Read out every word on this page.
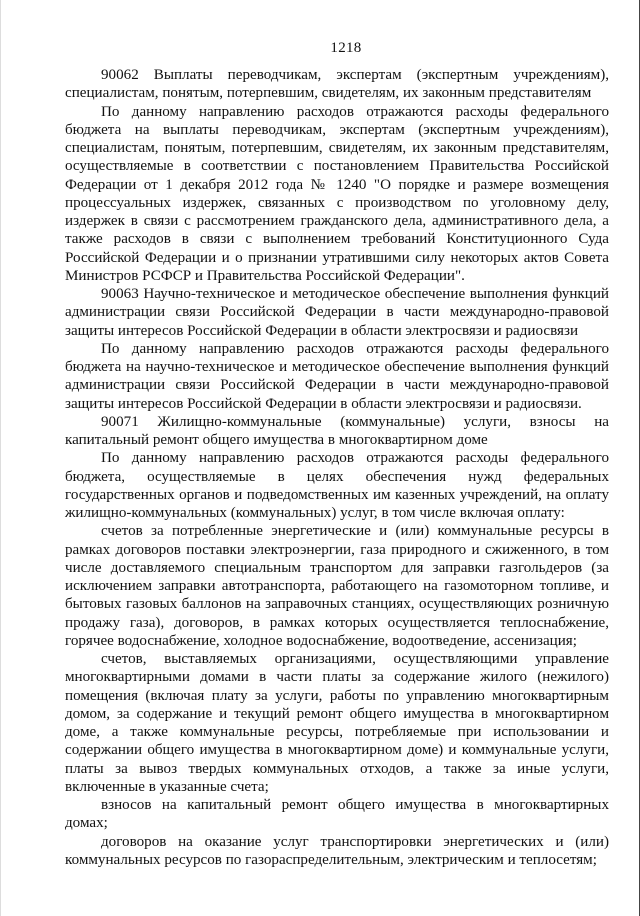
1218

90062 Выплаты переводчикам, экспертам (экспертным учреждениям), специалистам, понятым, потерпевшим, свидетелям, их законным представителям

По данному направлению расходов отражаются расходы федерального бюджета на выплаты переводчикам, экспертам (экспертным учреждениям), специалистам, понятым, потерпевшим, свидетелям, их законным представителям, осуществляемые в соответствии с постановлением Правительства Российской Федерации от 1 декабря 2012 года № 1240 "О порядке и размере возмещения процессуальных издержек, связанных с производством по уголовному делу, издержек в связи с рассмотрением гражданского дела, административного дела, а также расходов в связи с выполнением требований Конституционного Суда Российской Федерации и о признании утратившими силу некоторых актов Совета Министров РСФСР и Правительства Российской Федерации".

90063 Научно-техническое и методическое обеспечение выполнения функций администрации связи Российской Федерации в части международно-правовой защиты интересов Российской Федерации в области электросвязи и радиосвязи

По данному направлению расходов отражаются расходы федерального бюджета на научно-техническое и методическое обеспечение выполнения функций администрации связи Российской Федерации в части международно-правовой защиты интересов Российской Федерации в области электросвязи и радиосвязи.

90071 Жилищно-коммунальные (коммунальные) услуги, взносы на капитальный ремонт общего имущества в многоквартирном доме

По данному направлению расходов отражаются расходы федерального бюджета, осуществляемые в целях обеспечения нужд федеральных государственных органов и подведомственных им казенных учреждений, на оплату жилищно-коммунальных (коммунальных) услуг, в том числе включая оплату:

счетов за потребленные энергетические и (или) коммунальные ресурсы в рамках договоров поставки электроэнергии, газа природного и сжиженного, в том числе доставляемого специальным транспортом для заправки газгольдеров (за исключением заправки автотранспорта, работающего на газомоторном топливе, и бытовых газовых баллонов на заправочных станциях, осуществляющих розничную продажу газа), договоров, в рамках которых осуществляется теплоснабжение, горячее водоснабжение, холодное водоснабжение, водоотведение, ассенизация;

счетов, выставляемых организациями, осуществляющими управление многоквартирными домами в части платы за содержание жилого (нежилого) помещения (включая плату за услуги, работы по управлению многоквартирным домом, за содержание и текущий ремонт общего имущества в многоквартирном доме, а также коммунальные ресурсы, потребляемые при использовании и содержании общего имущества в многоквартирном доме) и коммунальные услуги, платы за вывоз твердых коммунальных отходов, а также за иные услуги, включенные в указанные счета;

взносов на капитальный ремонт общего имущества в многоквартирных домах;

договоров на оказание услуг транспортировки энергетических и (или) коммунальных ресурсов по газораспределительным, электрическим и теплосетям;
